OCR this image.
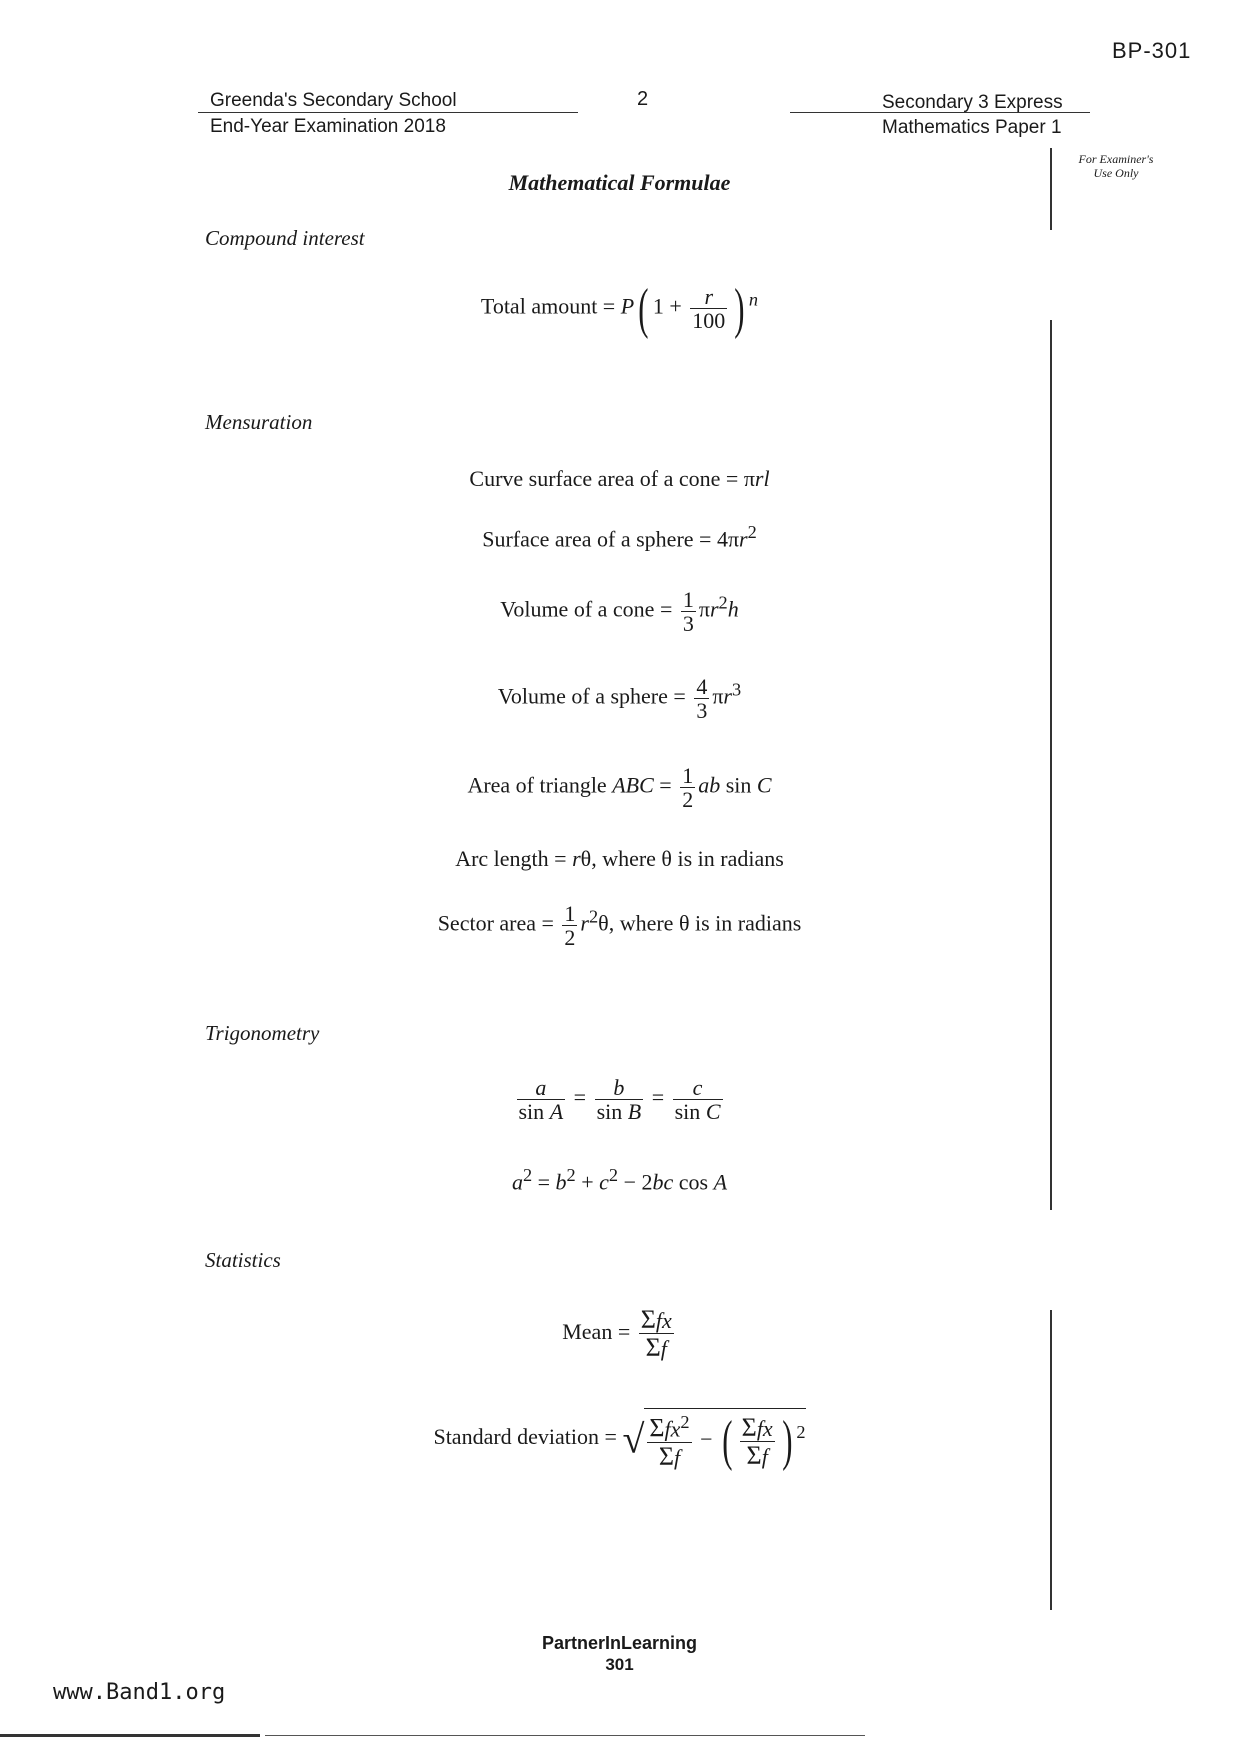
BP-301
Greenda's Secondary School
End-Year Examination 2018
2	Secondary 3 Express
Mathematics Paper 1
For Examiner's
Use Only
Mathematical Formulae
Compound interest
Total amount = P( $1 + \frac{r}{100}$ ) $^n$
Mensuration
Curve surface area of a cone = πrl
Surface area of a sphere = $4\pi r^2$
Volume of a cone = $\frac{1}{3} \pi r^2h$
Volume of a sphere = $\frac{4}{3} \pi r^3$
Area of triangle ABC = $\frac{1}{2}$ ab sin C
Arc length = rθ, where θ is in radians
Sector area = $\frac{1}{2} r^2\theta$, where θ is in radians
Trigonometry
$\frac{a}{\text{sin A}} = \frac{b}{\text{sin B}} = \frac{c}{\text{sin C}}$
$a^2 = b^2 + c^2 - 2bc$ cos A
Statistics
Mean = $\frac{\text{Σfx}}{\Sigma f}$
Standard deviation = √ $\frac{\Sigma fx^2}{\Sigma f}$ − ( $\frac{\text{Σfx}}{\Sigma f}$ ) $^2$
PartnerInLearning
301
www.Band1.org
